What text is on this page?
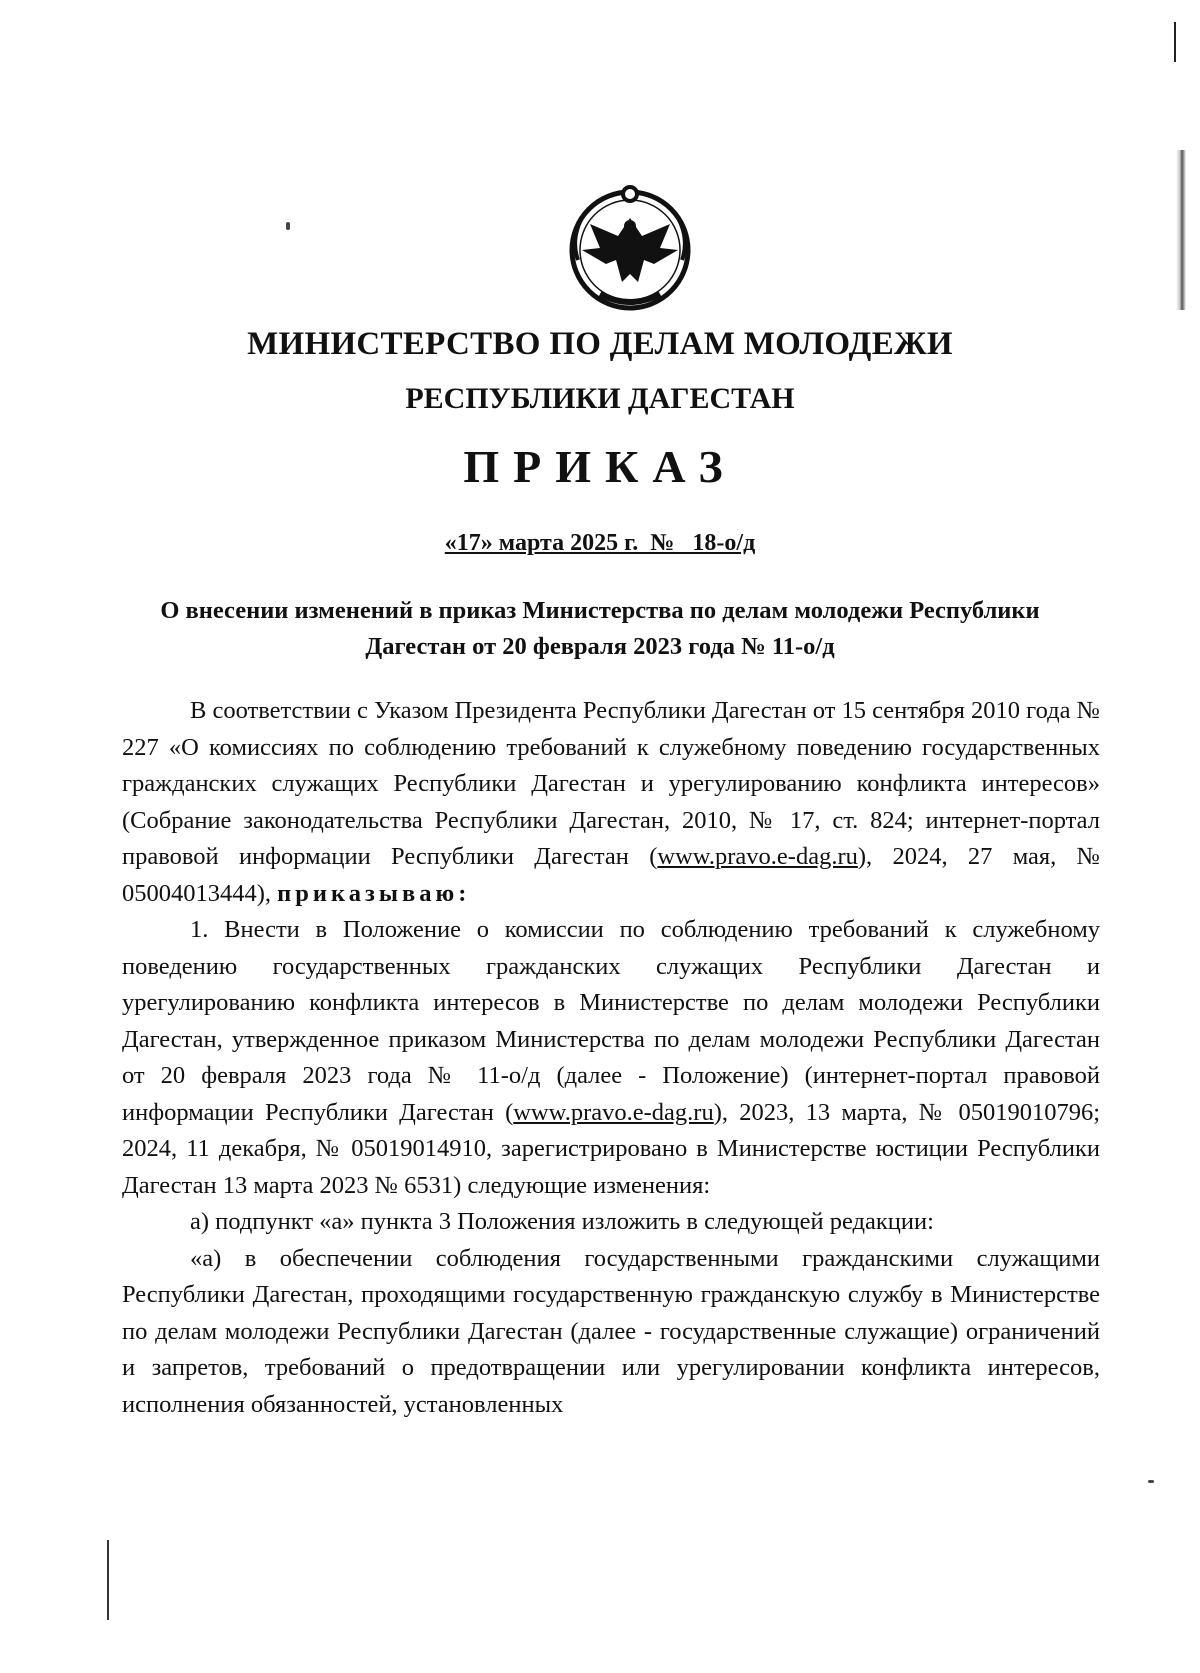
МИНИСТЕРСТВО ПО ДЕЛАМ МОЛОДЕЖИ
РЕСПУБЛИКИ ДАГЕСТАН
ПРИКАЗ
«17» марта 2025 г.  №   18-о/д
О внесении изменений в приказ Министерства по делам молодежи Республики
Дагестан от 20 февраля 2023 года № 11-о/д

В соответствии с Указом Президента Республики Дагестан от 15 сентября 2010 года № 227 «О комиссиях по соблюдению требований к служебному поведению государственных гражданских служащих Республики Дагестан и урегулированию конфликта интересов» (Собрание законодательства Республики Дагестан, 2010, № 17, ст. 824; интернет-портал правовой информации Республики Дагестан (www.pravo.e-dag.ru), 2024, 27 мая, № 05004013444), приказываю:

1. Внести в Положение о комиссии по соблюдению требований к служебному поведению государственных гражданских служащих Республики Дагестан и урегулированию конфликта интересов в Министерстве по делам молодежи Республики Дагестан, утвержденное приказом Министерства по делам молодежи Республики Дагестан от 20 февраля 2023 года № 11-о/д (далее - Положение) (интернет-портал правовой информации Республики Дагестан (www.pravo.e-dag.ru), 2023, 13 марта, № 05019010796; 2024, 11 декабря, № 05019014910, зарегистрировано в Министерстве юстиции Республики Дагестан 13 марта 2023 № 6531) следующие изменения:

а) подпункт «а» пункта 3 Положения изложить в следующей редакции:

«а) в обеспечении соблюдения государственными гражданскими служащими Республики Дагестан, проходящими государственную гражданскую службу в Министерстве по делам молодежи Республики Дагестан (далее - государственные служащие) ограничений и запретов, требований о предотвращении или урегулировании конфликта интересов, исполнения обязанностей, установленных
